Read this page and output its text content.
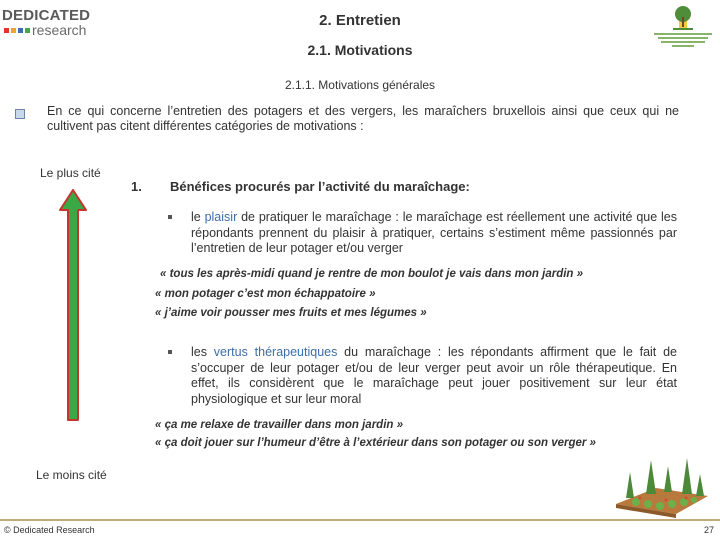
DEDICATED
research
2. Entretien
2.1. Motivations
2.1.1. Motivations générales
En ce qui concerne l’entretien des potagers et des vergers, les maraîchers bruxellois ainsi que ceux qui ne cultivent pas citent différentes catégories de motivations :
Le plus cité
Le moins cité
1. Bénéfices procurés par l’activité du maraîchage:
le plaisir de pratiquer le maraîchage : le maraîchage est réellement une activité que les répondants prennent du plaisir à pratiquer, certains s’estiment même passionnés par l’entretien de leur potager et/ou verger
« tous les après-midi quand je rentre de mon boulot je vais dans mon jardin »
« mon potager c’est mon échappatoire »
« j’aime voir pousser mes fruits et mes légumes »
les vertus thérapeutiques du maraîchage : les répondants affirment que le fait de s’occuper de leur potager et/ou de leur verger peut avoir un rôle thérapeutique. En effet, ils considèrent que le maraîchage peut jouer positivement sur leur état physiologique et sur leur moral
« ça me relaxe de travailler dans mon jardin »
« ça doit jouer sur l’humeur d’être à l’extérieur dans son potager ou son verger »
© Dedicated Research	27
